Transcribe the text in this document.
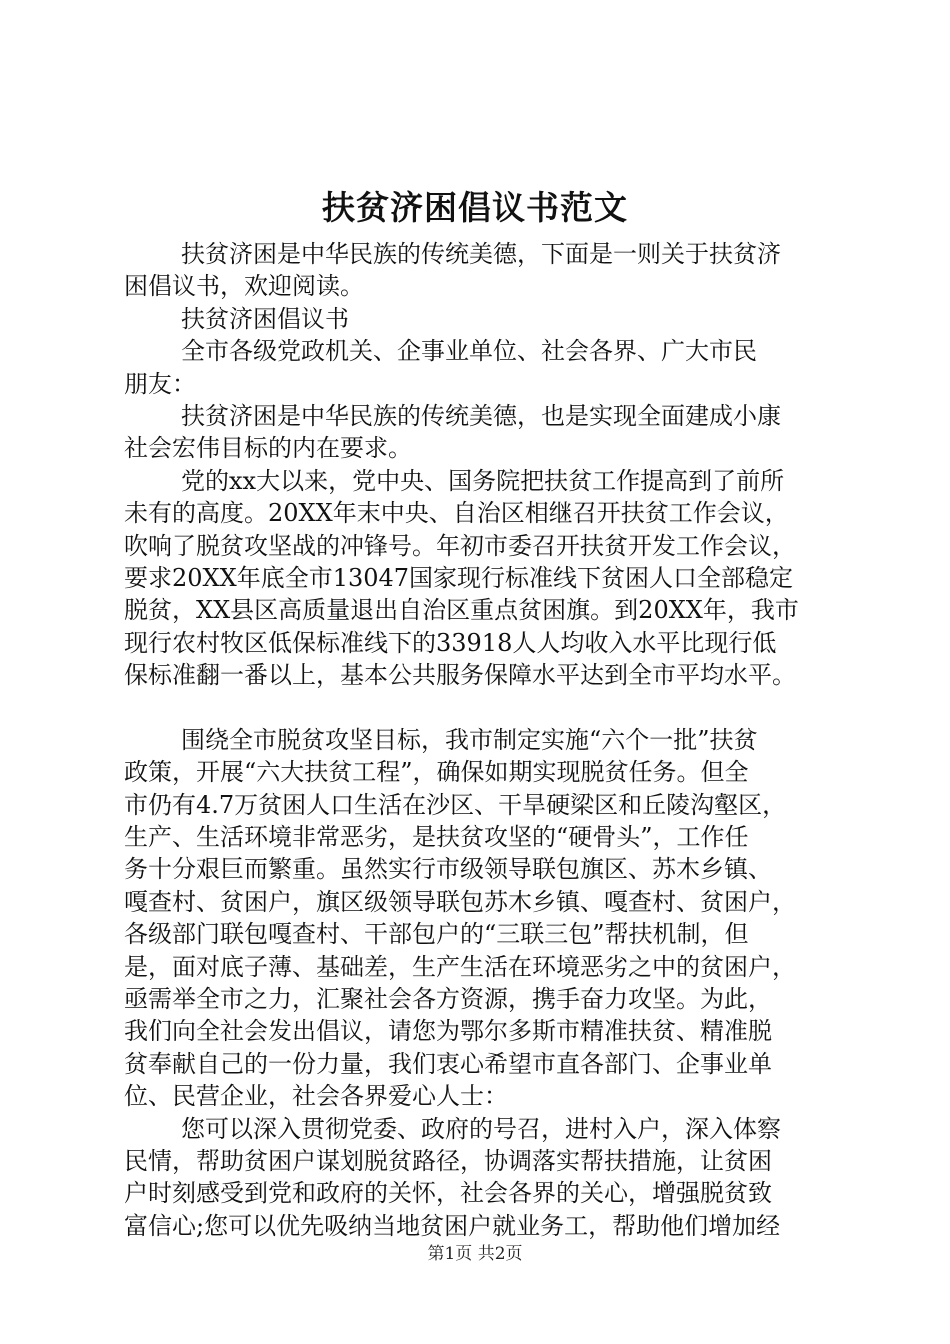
扶贫济困倡议书范文

扶贫济困是中华民族的传统美德，下面是一则关于扶贫济
困倡议书，欢迎阅读。

扶贫济困倡议书

全市各级党政机关、企事业单位、社会各界、广大市民
朋友：

扶贫济困是中华民族的传统美德，也是实现全面建成小康
社会宏伟目标的内在要求。

党的xx大以来，党中央、国务院把扶贫工作提高到了前所
未有的高度。20XX年末中央、自治区相继召开扶贫工作会议，
吹响了脱贫攻坚战的冲锋号。年初市委召开扶贫开发工作会议，
要求20XX年底全市13047国家现行标准线下贫困人口全部稳定
脱贫，XX县区高质量退出自治区重点贫困旗。到20XX年，我市
现行农村牧区低保标准线下的33918人人均收入水平比现行低
保标准翻一番以上，基本公共服务保障水平达到全市平均水平。

围绕全市脱贫攻坚目标，我市制定实施“六个一批”扶贫
政策，开展“六大扶贫工程”，确保如期实现脱贫任务。但全
市仍有4.7万贫困人口生活在沙区、干旱硬梁区和丘陵沟壑区，
生产、生活环境非常恶劣，是扶贫攻坚的“硬骨头”，工作任
务十分艰巨而繁重。虽然实行市级领导联包旗区、苏木乡镇、
嘎查村、贫困户，旗区级领导联包苏木乡镇、嘎查村、贫困户，
各级部门联包嘎查村、干部包户的“三联三包”帮扶机制，但
是，面对底子薄、基础差，生产生活在环境恶劣之中的贫困户，
亟需举全市之力，汇聚社会各方资源，携手奋力攻坚。为此，
我们向全社会发出倡议，请您为鄂尔多斯市精准扶贫、精准脱
贫奉献自己的一份力量，我们衷心希望市直各部门、企事业单
位、民营企业，社会各界爱心人士：

您可以深入贯彻党委、政府的号召，进村入户，深入体察
民情，帮助贫困户谋划脱贫路径，协调落实帮扶措施，让贫困
户时刻感受到党和政府的关怀，社会各界的关心，增强脱贫致
富信心;您可以优先吸纳当地贫困户就业务工，帮助他们增加经

第1页 共2页
